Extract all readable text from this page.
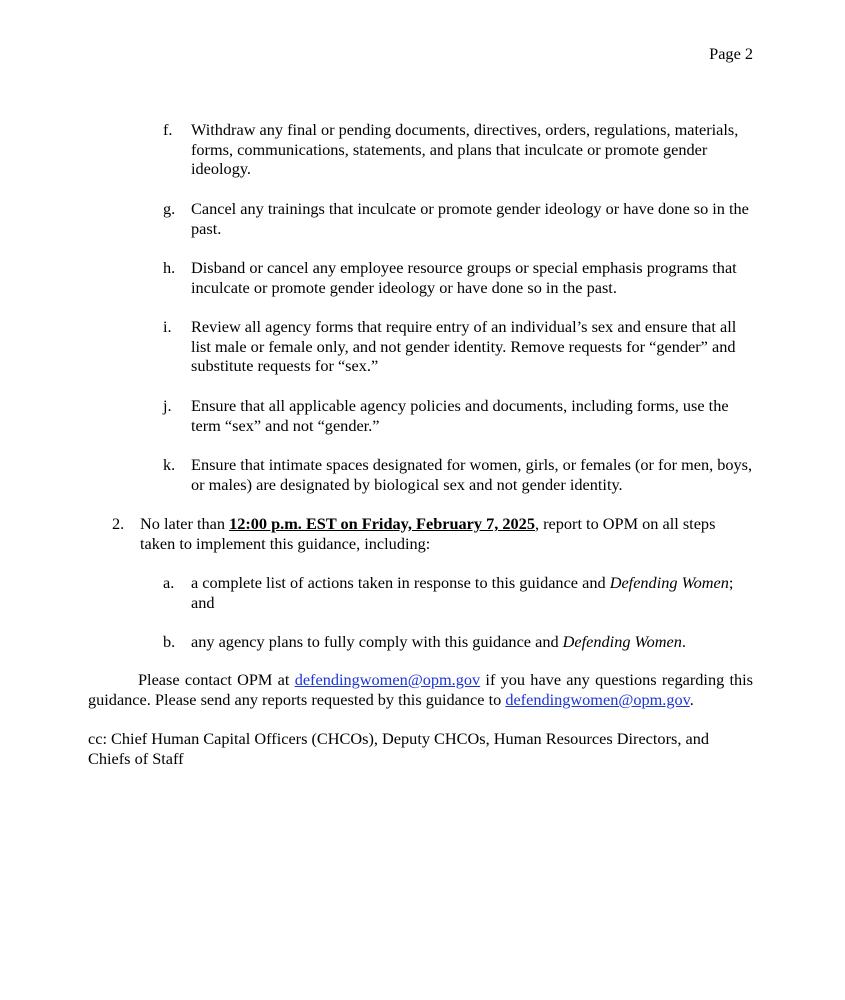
Page 2
f.	Withdraw any final or pending documents, directives, orders, regulations, materials, forms, communications, statements, and plans that inculcate or promote gender ideology.
g. Cancel any trainings that inculcate or promote gender ideology or have done so in the past.
h. Disband or cancel any employee resource groups or special emphasis programs that inculcate or promote gender ideology or have done so in the past.
i.	Review all agency forms that require entry of an individual’s sex and ensure that all list male or female only, and not gender identity. Remove requests for “gender” and substitute requests for “sex.”
j.	Ensure that all applicable agency policies and documents, including forms, use the term “sex” and not “gender.”
k. Ensure that intimate spaces designated for women, girls, or females (or for men, boys, or males) are designated by biological sex and not gender identity.
2. No later than 12:00 p.m. EST on Friday, February 7, 2025, report to OPM on all steps taken to implement this guidance, including:
a.	a complete list of actions taken in response to this guidance and Defending Women; and
b. any agency plans to fully comply with this guidance and Defending Women.
Please contact OPM at defendingwomen@opm.gov if you have any questions regarding this guidance. Please send any reports requested by this guidance to defendingwomen@opm.gov.
cc: Chief Human Capital Officers (CHCOs), Deputy CHCOs, Human Resources Directors, and Chiefs of Staff
